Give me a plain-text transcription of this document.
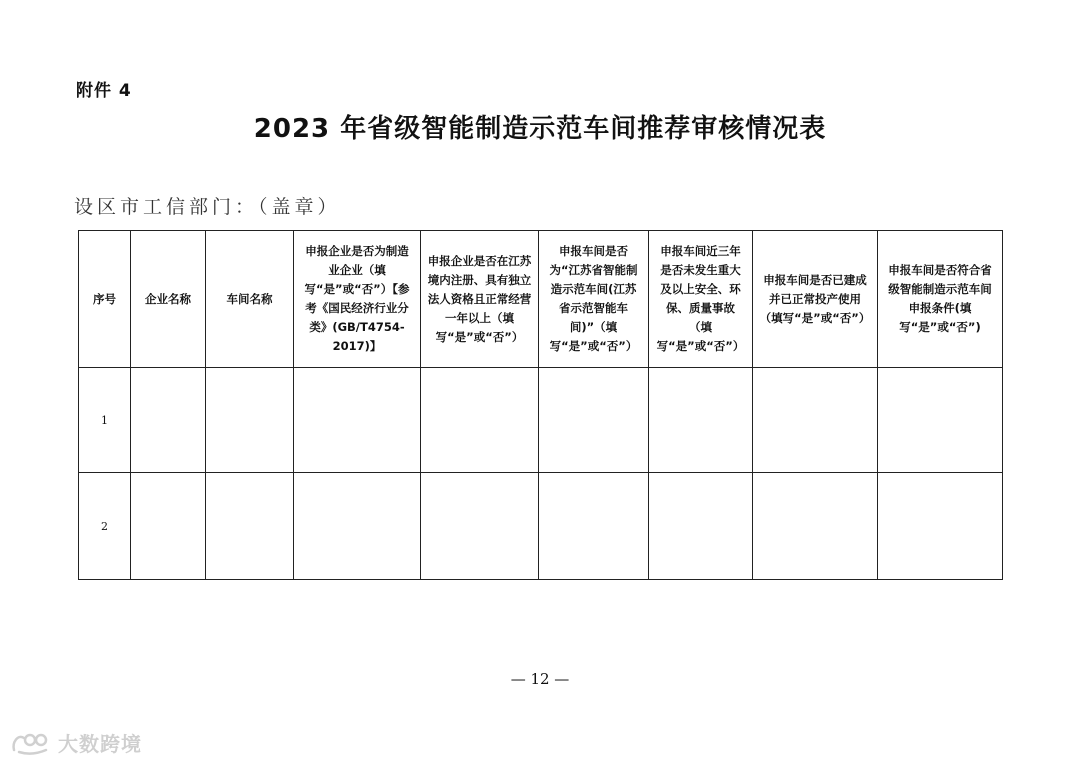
附件 4
2023 年省级智能制造示范车间推荐审核情况表
设区市工信部门：（盖章）
序号	企业名称	车间名称	申报企业是否为制造业企业（填写“是”或“否”）【参考《国民经济行业分类》(GB/T4754-2017)】	申报企业是否在江苏境内注册、具有独立法人资格且正常经营一年以上（填写“是”或“否”）	申报车间是否为“江苏省智能制造示范车间(江苏省示范智能车间)”（填写“是”或“否”）	申报车间近三年是否未发生重大及以上安全、环保、质量事故（填写“是”或“否”）	申报车间是否已建成并已正常投产使用（填写“是”或“否”）	申报车间是否符合省级智能制造示范车间申报条件(填写“是”或“否”)
1								
2								
— 12 —
大数跨境
